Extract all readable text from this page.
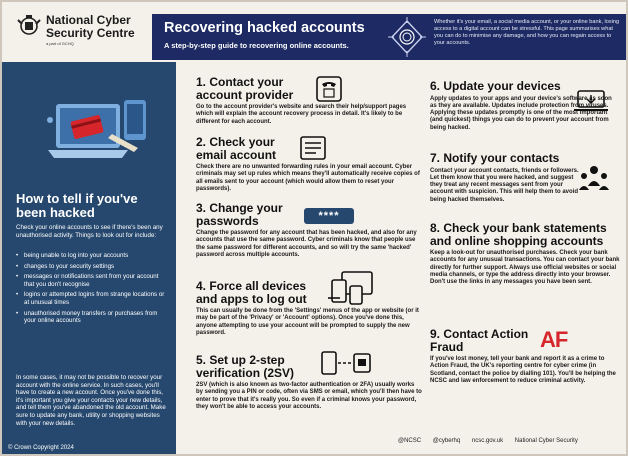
National Cyber
Security Centre
a part of GCHQ
Recovering hacked accounts
A step-by-step guide to recovering online accounts.
Whether it's your email, a social media account, or your online bank, losing access to a digital account can be stressful. This page summarises what you can do to minimise any damage, and how you can regain access to your accounts.
How to tell if you've been hacked
Check your online accounts to see if there's been any unauthorised activity. Things to look out for include:
• being unable to log into your accounts
• changes to your security settings
• messages or notifications sent from your account that you don't recognise
• logins or attempted logins from strange locations or at unusual times
• unauthorised money transfers or purchases from your online accounts
In some cases, it may not be possible to recover your account with the online service. In such cases, you'll have to create a new account. Once you've done this, it's important you give your contacts your new details, and tell them you've abandoned the old account. Make sure to update any bank, utility or shopping websites with your new details.
© Crown Copyright 2024
1. Contact your account provider
Go to the account provider's website and search their help/support pages which will explain the account recovery process in detail. It's likely to be different for each account.
2. Check your email account
Check there are no unwanted forwarding rules in your email account. Cyber criminals may set up rules which means they'll automatically receive copies of all emails sent to your account (which would allow them to reset your passwords).
3. Change your passwords
Change the password for any account that has been hacked, and also for any accounts that use the same password. Cyber criminals know that people use the same password for different accounts, and so will try the same 'hacked' password across multiple accounts.
****
4. Force all devices and apps to log out
This can usually be done from the 'Settings' menus of the app or website (or it may be part of the 'Privacy' or 'Account' options). Once you've done this, anyone attempting to use your account will be prompted to supply the new password.
5. Set up 2-step verification (2SV)
2SV (which is also known as two-factor authentication or 2FA) usually works by sending you a PIN or code, often via SMS or email, which you'll then have to enter to prove that it's really you. So even if a criminal knows your password, they won't be able to access your accounts.
6. Update your devices
Apply updates to your apps and your device's software as soon as they are available. Updates include protection from viruses. Applying these updates promptly is one of the most important (and quickest) things you can do to prevent your account from being hacked.
7. Notify your contacts
Contact your account contacts, friends or followers. Let them know that you were hacked, and suggest they treat any recent messages sent from your account with suspicion. This will help them to avoid being hacked themselves.
8. Check your bank statements and online shopping accounts
Keep a look-out for unauthorised purchases. Check your bank accounts for any unusual transactions. You can contact your bank directly for further support. Always use official websites or social media channels, or type the address directly into your browser. Don't use the links in any messages you have been sent.
9. Contact Action Fraud
If you've lost money, tell your bank and report it as a crime to Action Fraud, the UK's reporting centre for cyber crime (in Scotland, contact the police by dialling 101). You'll be helping the NCSC and law enforcement to reduce criminal activity.
AF
@NCSC @cyberhq ncsc.gov.uk National Cyber Security
